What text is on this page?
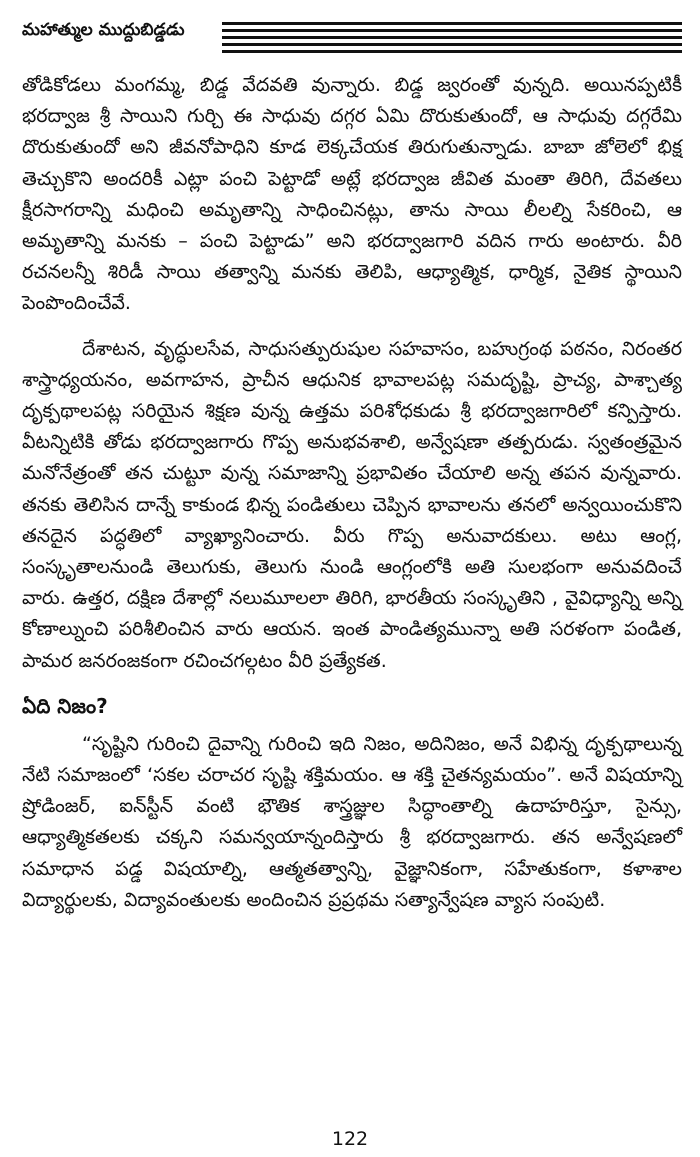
మహాత్ముల ముద్దుబిడ్డడు

తోడికోడలు మంగమ్మ, బిడ్డ వేదవతి వున్నారు. బిడ్డ జ్వరంతో వున్నది. అయినప్పటికీ భరద్వాజ శ్రీ సాయిని గుర్చి ఈ సాధువు దగ్గర ఏమి దొరుకుతుందో, ఆ సాధువు దగ్గరేమి దొరుకుతుందో అని జీవనోపాధిని కూడ లెక్కచేయక తిరుగుతున్నాడు. బాబా జోలెలో భిక్ష తెచ్చుకొని అందరికీ ఎట్లా పంచి పెట్టాడో అట్లే భరద్వాజ జీవిత మంతా తిరిగి, దేవతలు క్షీరసాగరాన్ని మధించి అమృతాన్ని సాధించినట్లు, తాను సాయి లీలల్ని సేకరించి, ఆ అమృతాన్ని మనకు – పంచి పెట్టాడు” అని భరద్వాజగారి వదిన గారు అంటారు. వీరి రచనలన్నీ శిరిడీ సాయి తత్వాన్ని మనకు తెలిపి, ఆధ్యాత్మిక, ధార్మిక, నైతిక స్థాయిని పెంపొందించేవే.

దేశాటన, వృద్ధులసేవ, సాధుసత్పురుషుల సహవాసం, బహుగ్రంథ పఠనం, నిరంతర శాస్త్రాధ్యయనం, అవగాహన, ప్రాచీన ఆధునిక భావాలపట్ల సమదృష్టి, ప్రాచ్య, పాశ్చాత్య దృక్పథాలపట్ల సరియైన శిక్షణ వున్న ఉత్తమ పరిశోధకుడు శ్రీ భరద్వాజగారిలో కన్పిస్తారు. వీటన్నిటికి తోడు భరద్వాజగారు గొప్ప అనుభవశాలి, అన్వేషణా తత్పరుడు. స్వతంత్రమైన మనోనేత్రంతో తన చుట్టూ వున్న సమాజాన్ని ప్రభావితం చేయాలి అన్న తపన వున్నవారు. తనకు తెలిసిన దాన్నే కాకుండ భిన్న పండితులు చెప్పిన భావాలను తనలో అన్వయించుకొని తనదైన పద్ధతిలో వ్యాఖ్యానించారు. వీరు గొప్ప అనువాదకులు. అటు ఆంగ్ల, సంస్కృతాలనుండి తెలుగుకు, తెలుగు నుండి ఆంగ్లంలోకి అతి సులభంగా అనువదించే వారు. ఉత్తర, దక్షిణ దేశాల్లో నలుమూలలా తిరిగి, భారతీయ సంస్కృతిని , వైవిధ్యాన్ని అన్ని కోణాల్నుంచి పరిశీలించిన వారు ఆయన. ఇంత పాండిత్యమున్నా అతి సరళంగా పండిత, పామర జనరంజకంగా రచించగల్గటం వీరి ప్రత్యేకత.

ఏది నిజం?

“సృష్టిని గురించి దైవాన్ని గురించి ఇది నిజం, అదినిజం, అనే విభిన్న దృక్పథాలున్న నేటి సమాజంలో ‘సకల చరాచర సృష్టి శక్తిమయం. ఆ శక్తి చైతన్యమయం”. అనే విషయాన్ని ష్రోడింజర్, ఐన్‌స్టీన్ వంటి భౌతిక శాస్త్రజ్ఞుల సిద్ధాంతాల్ని ఉదాహరిస్తూ, సైన్సు, ఆధ్యాత్మికతలకు చక్కని సమన్వయాన్నందిస్తారు శ్రీ భరద్వాజగారు. తన అన్వేషణలో సమాధాన పడ్డ విషయాల్ని, ఆత్మతత్వాన్ని, వైజ్ఞానికంగా, సహేతుకంగా, కళాశాల విద్యార్థులకు, విద్యావంతులకు అందించిన ప్రప్రథమ సత్యాన్వేషణ వ్యాస సంపుటి.

122
